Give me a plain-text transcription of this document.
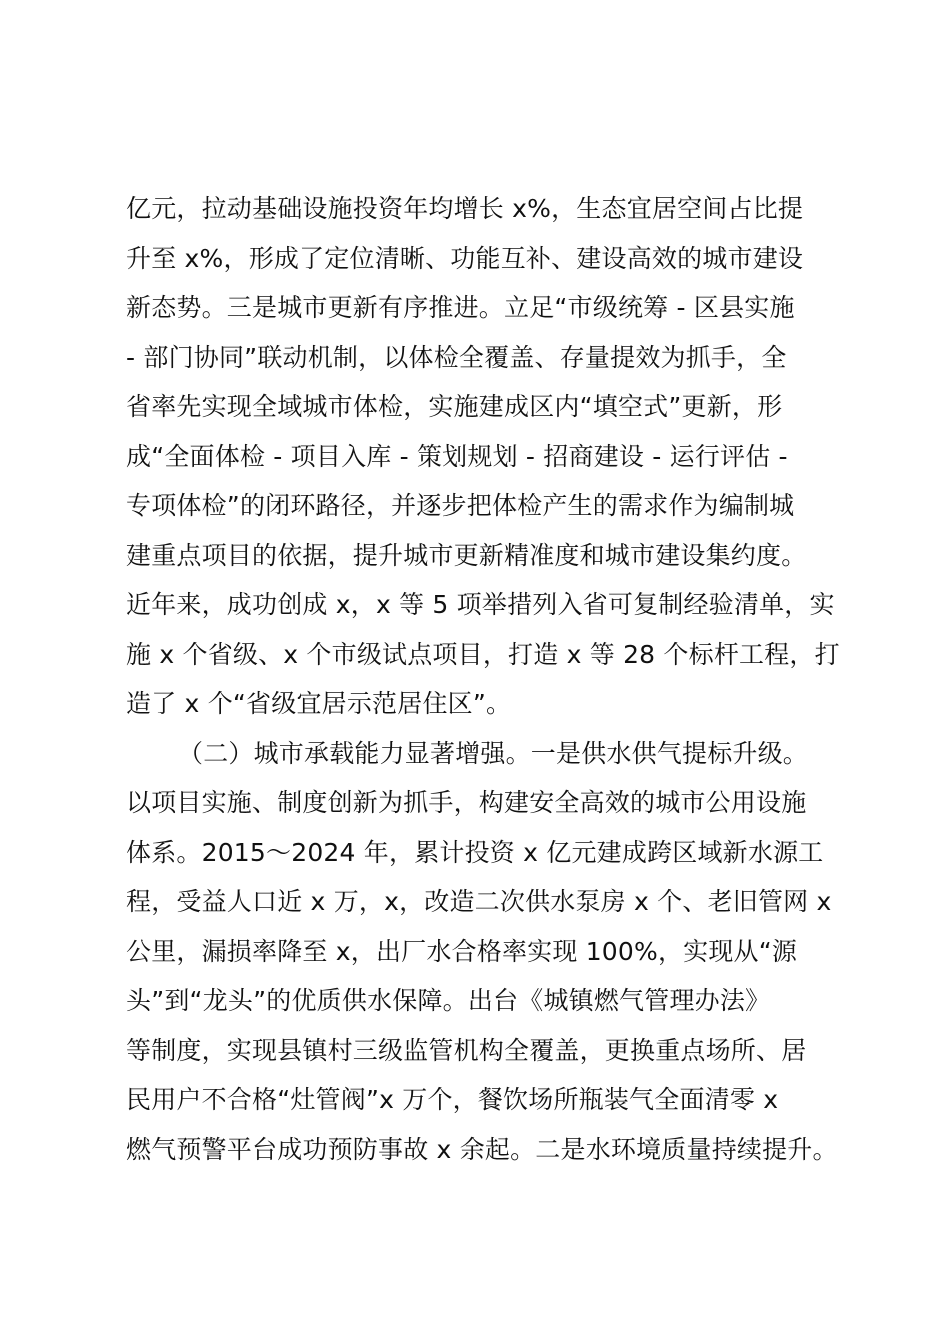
亿元，拉动基础设施投资年均增长 x%，生态宜居空间占比提
升至 x%，形成了定位清晰、功能互补、建设高效的城市建设
新态势。三是城市更新有序推进。立足“市级统筹 - 区县实施
- 部门协同”联动机制，以体检全覆盖、存量提效为抓手，全
省率先实现全域城市体检，实施建成区内“填空式”更新，形
成“全面体检 - 项目入库 - 策划规划 - 招商建设 - 运行评估 -
专项体检”的闭环路径，并逐步把体检产生的需求作为编制城
建重点项目的依据，提升城市更新精准度和城市建设集约度。
近年来，成功创成 x，x 等 5 项举措列入省可复制经验清单，实
施 x 个省级、x 个市级试点项目，打造 x 等 28 个标杆工程，打
造了 x 个“省级宜居示范居住区”。
（二）城市承载能力显著增强。一是供水供气提标升级。
以项目实施、制度创新为抓手，构建安全高效的城市公用设施
体系。2015～2024 年，累计投资 x 亿元建成跨区域新水源工
程，受益人口近 x 万，x，改造二次供水泵房 x 个、老旧管网 x
公里，漏损率降至 x，出厂水合格率实现 100%，实现从“源
头”到“龙头”的优质供水保障。出台《城镇燃气管理办法》
等制度，实现县镇村三级监管机构全覆盖，更换重点场所、居
民用户不合格“灶管阀”x 万个，餐饮场所瓶装气全面清零 x
燃气预警平台成功预防事故 x 余起。二是水环境质量持续提升。
